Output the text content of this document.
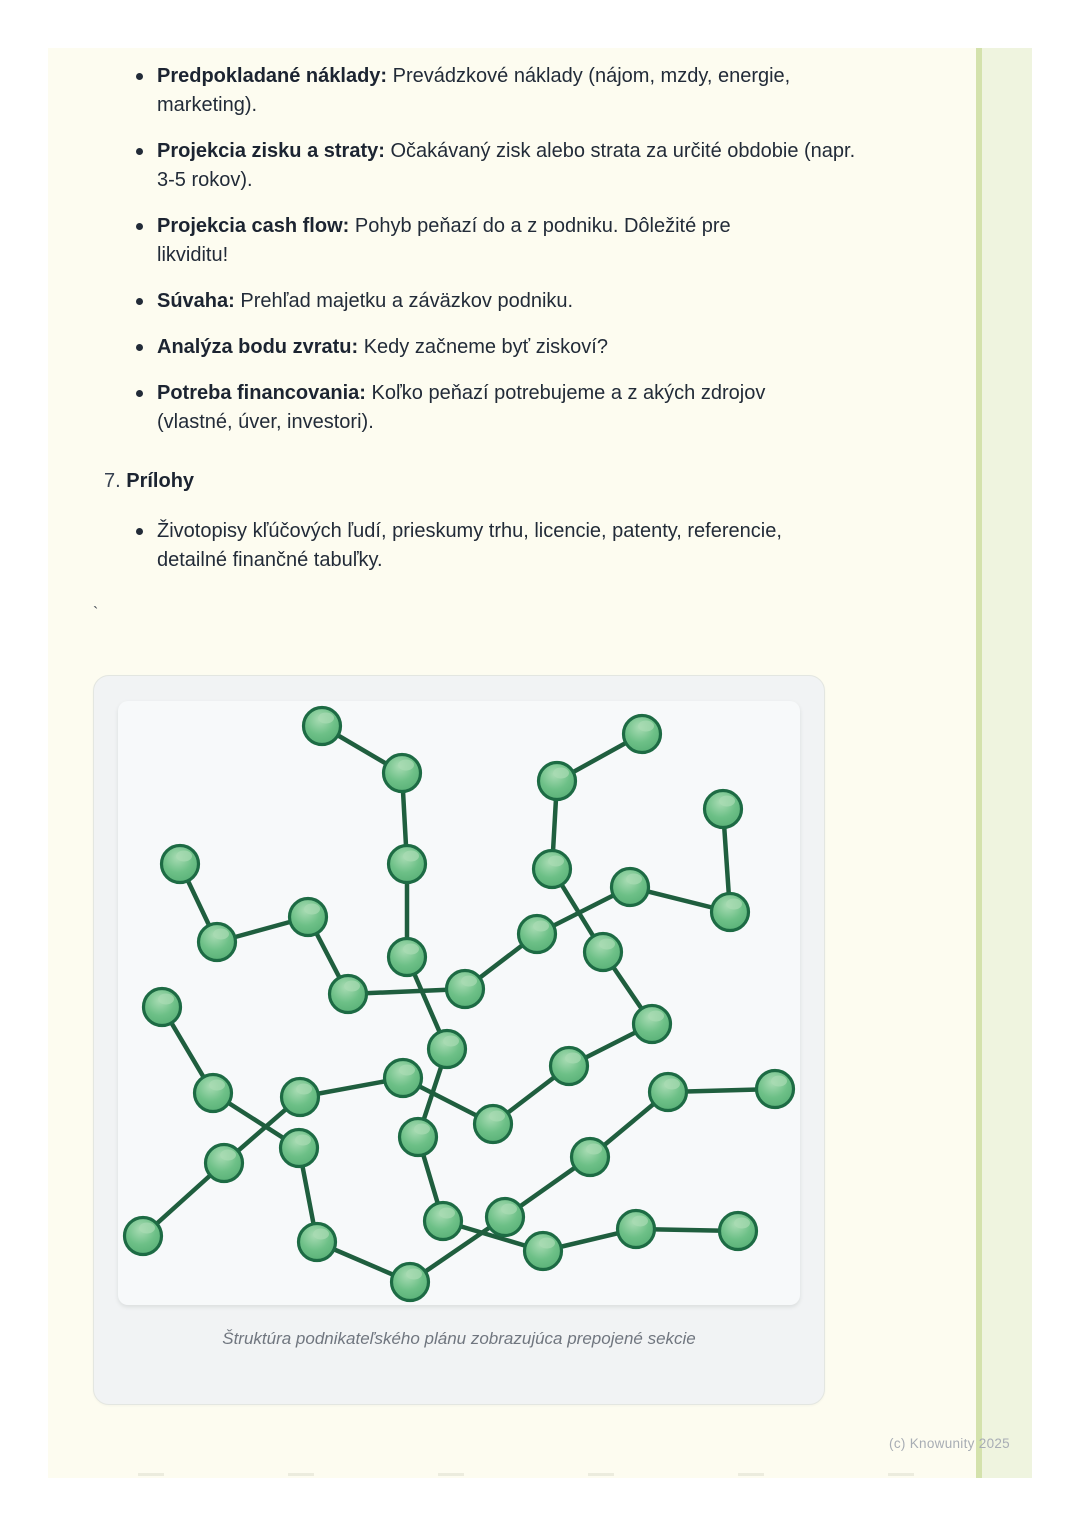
Predpokladané náklady: Prevádzkové náklady (nájom, mzdy, energie, marketing).
Projekcia zisku a straty: Očakávaný zisk alebo strata za určité obdobie (napr. 3-5 rokov).
Projekcia cash flow: Pohyb peňazí do a z podniku. Dôležité pre likviditu!
Súvaha: Prehľad majetku a záväzkov podniku.
Analýza bodu zvratu: Kedy začneme byť ziskoví?
Potreba financovania: Koľko peňazí potrebujeme a z akých zdrojov (vlastné, úver, investori).
7. Prílohy
Životopisy kľúčových ľudí, prieskumy trhu, licencie, patenty, referencie, detailné finančné tabuľky.
`
Štruktúra podnikateľského plánu zobrazujúca prepojené sekcie
(c) Knowunity 2025
